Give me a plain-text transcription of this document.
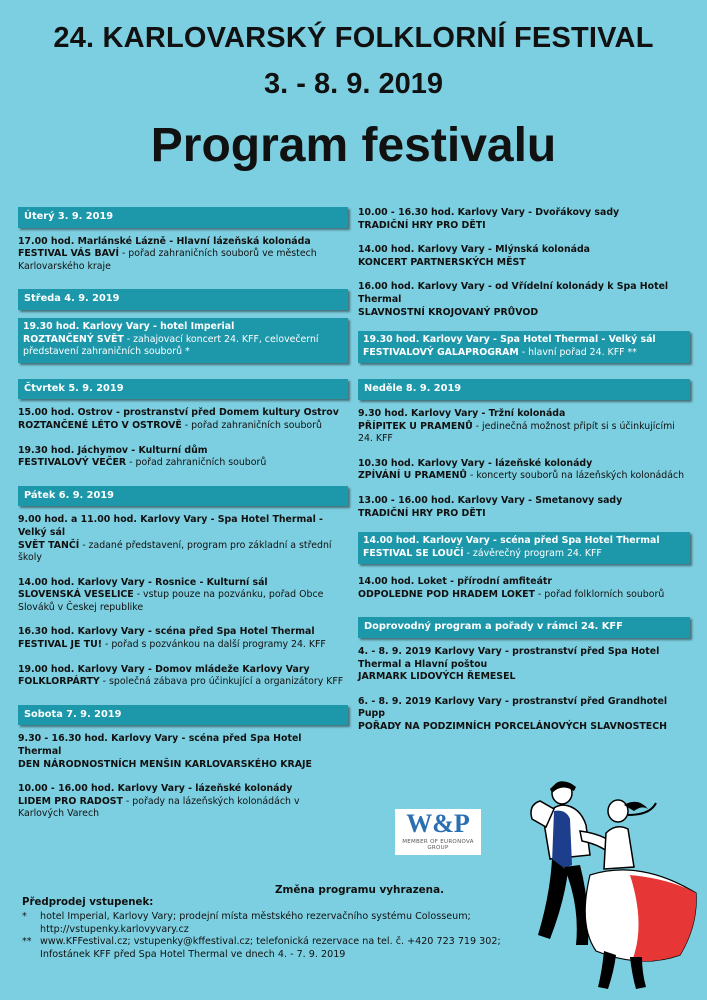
24. KARLOVARSKÝ FOLKLORNÍ FESTIVAL
3. - 8. 9. 2019
Program festivalu
Úterý 3. 9. 2019
17.00 hod. Marlánské Lázně - Hlavní lázeňská kolonáda
FESTIVAL VÁS BAVÍ - pořad zahraničních souborů ve městech Karlovarského kraje
Středa 4. 9. 2019
19.30 hod. Karlovy Vary - hotel Imperial
ROZTANČENÝ SVĚT - zahajovací koncert 24. KFF, celovečerní představení zahraničních souborů *
Čtvrtek 5. 9. 2019
15.00 hod. Ostrov - prostranství před Domem kultury Ostrov
ROZTANČENÉ LÉTO V OSTROVĚ - pořad zahraničních souborů
19.30 hod. Jáchymov - Kulturní dům
FESTIVALOVÝ VEČER - pořad zahraničních souborů
Pátek 6. 9. 2019
9.00 hod. a 11.00 hod. Karlovy Vary - Spa Hotel Thermal - Velký sál
SVĚT TANČÍ - zadané představení, program pro základní a střední školy
14.00 hod. Karlovy Vary - Rosnice - Kulturní sál
SLOVENSKÁ VESELICE - vstup pouze na pozvánku, pořad Obce Slováků v Českej republike
16.30 hod. Karlovy Vary - scéna před Spa Hotel Thermal
FESTIVAL JE TU! - pořad s pozvánkou na další programy 24. KFF
19.00 hod. Karlovy Vary - Domov mládeže Karlovy Vary
FOLKLORPÁRTY - společná zábava pro účinkující a organizátory KFF
Sobota 7. 9. 2019
9.30 - 16.30 hod. Karlovy Vary - scéna před Spa Hotel Thermal
DEN NÁRODNOSTNÍCH MENŠIN KARLOVARSKÉHO KRAJE
10.00 - 16.00 hod. Karlovy Vary - lázeňské kolonády
LIDEM PRO RADOST - pořady na lázeňských kolonádách v Karlových Varech
10.00 - 16.30 hod. Karlovy Vary - Dvořákovy sady
TRADIČNÍ HRY PRO DĚTI
14.00 hod. Karlovy Vary - Mlýnská kolonáda
KONCERT PARTNERSKÝCH MĚST
16.00 hod. Karlovy Vary - od Vřídelní kolonády k Spa Hotel Thermal
SLAVNOSTNÍ KROJOVANÝ PRŮVOD
19.30 hod. Karlovy Vary - Spa Hotel Thermal - Velký sál
FESTIVALOVÝ GALAPROGRAM - hlavní pořad 24. KFF **
Neděle 8. 9. 2019
9.30 hod. Karlovy Vary - Tržní kolonáda
PŘÍPITEK U PRAMENŮ - jedinečná možnost připít si s účinkujícími 24. KFF
10.30 hod. Karlovy Vary - lázeňské kolonády
ZPÍVÁNÍ U PRAMENŮ - koncerty souborů na lázeňských kolonádách
13.00 - 16.00 hod. Karlovy Vary - Smetanovy sady
TRADIČNÍ HRY PRO DĚTI
14.00 hod. Karlovy Vary - scéna před Spa Hotel Thermal
FESTIVAL SE LOUČÍ - závěrečný program 24. KFF
14.00 hod. Loket - přírodní amfiteátr
ODPOLEDNE POD HRADEM LOKET - pořad folklorních souborů
Doprovodný program a pořady v rámci 24. KFF
4. - 8. 9. 2019 Karlovy Vary - prostranství před Spa Hotel Thermal a Hlavní poštou
JARMARK LIDOVÝCH ŘEMESEL
6. - 8. 9. 2019 Karlovy Vary - prostranství před Grandhotel Pupp
POŘADY NA PODZIMNÍCH PORCELÁNOVÝCH SLAVNOSTECH
W&P
MEMBER OF EURONOVA GROUP
Změna programu vyhrazena.
Předprodej vstupenek:
*	hotel Imperial, Karlovy Vary; prodejní místa městského rezervačního systému Colosseum;
http://vstupenky.karlovyvary.cz
** www.KFFestival.cz; vstupenky@kffestival.cz; telefonická rezervace na tel. č. +420 723 719 302;
Infostánek KFF před Spa Hotel Thermal ve dnech 4. - 7. 9. 2019
